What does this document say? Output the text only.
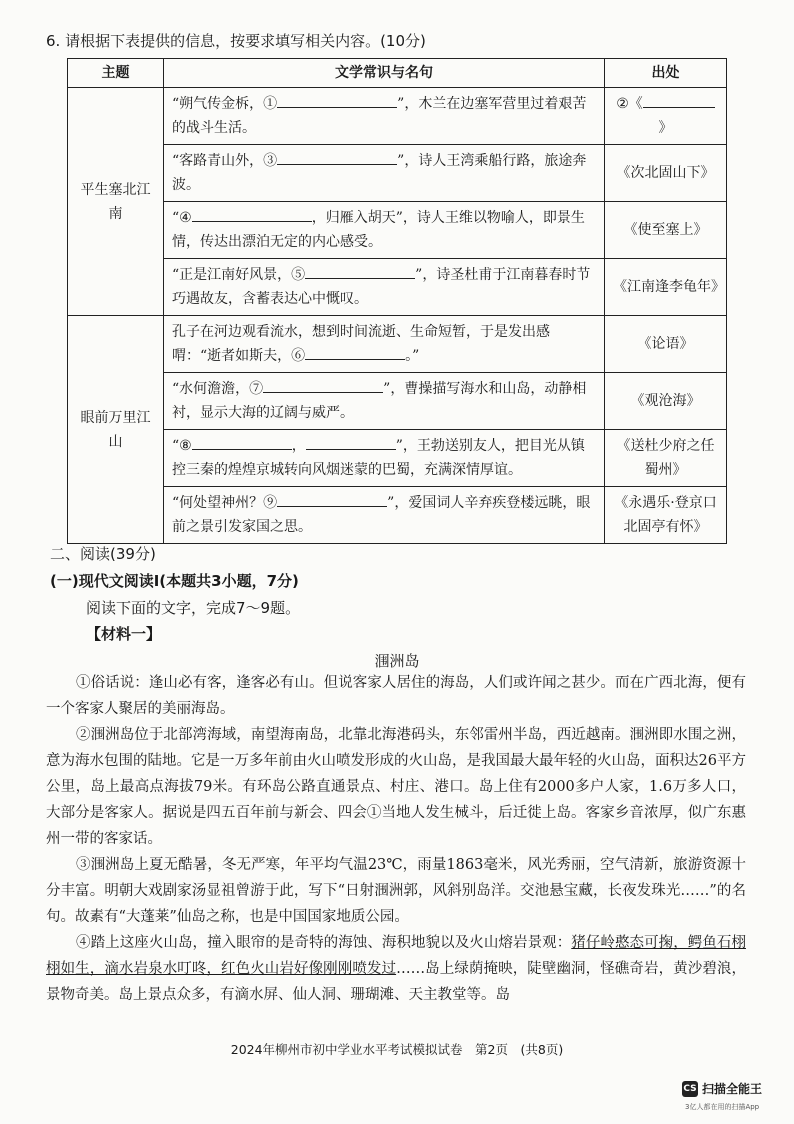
6. 请根据下表提供的信息，按要求填写相关内容。(10分)
主题	文学常识与名句	出处
平生塞北江南	“朔气传金柝，① ”，木兰在边塞军营里过着艰苦的战斗生活。	②《》
	“客路青山外，③ ”，诗人王湾乘船行路，旅途奔波。	《次北固山下》
	“④ ，归雁入胡天”，诗人王维以物喻人，即景生情，传达出漂泊无定的内心感受。	《使至塞上》
	“正是江南好风景，⑤ ”，诗圣杜甫于江南暮春时节巧遇故友，含蓄表达心中慨叹。	《江南逢李龟年》
眼前万里江山	孔子在河边观看流水，想到时间流逝、生命短暂，于是发出感喟：“逝者如斯夫，⑥ 。”	《论语》
	“水何澹澹，⑦ ”，曹操描写海水和山岛，动静相衬，显示大海的辽阔与威严。	《观沧海》
	“⑧ ， ”，王勃送别友人，把目光从镇控三秦的煌煌京城转向风烟迷蒙的巴蜀，充满深情厚谊。	《送杜少府之任蜀州》
	“何处望神州？⑨ ”，爱国词人辛弃疾登楼远眺，眼前之景引发家国之思。	《永遇乐·登京口北固亭有怀》
二、阅读(39分)
(一)现代文阅读Ⅰ(本题共3小题，7分)
阅读下面的文字，完成7～9题。
【材料一】
涠洲岛
①俗话说：逢山必有客，逢客必有山。但说客家人居住的海岛，人们或许闻之甚少。而在广西北海，便有一个客家人聚居的美丽海岛。
②涠洲岛位于北部湾海域，南望海南岛，北靠北海港码头，东邻雷州半岛，西近越南。涠洲即水围之洲，意为海水包围的陆地。它是一万多年前由火山喷发形成的火山岛，是我国最大最年轻的火山岛，面积达26平方公里，岛上最高点海拔79米。有环岛公路直通景点、村庄、港口。岛上住有2000多户人家，1.6万多人口，大部分是客家人。据说是四五百年前与新会、四会①当地人发生械斗，后迁徙上岛。客家乡音浓厚，似广东惠州一带的客家话。
③涠洲岛上夏无酷暑，冬无严寒，年平均气温23℃，雨量1863毫米，风光秀丽，空气清新，旅游资源十分丰富。明朝大戏剧家汤显祖曾游于此，写下“日射涠洲郭，风斜别岛洋。交池悬宝藏，长夜发珠光……”的名句。故素有“大蓬莱”仙岛之称，也是中国国家地质公园。
④踏上这座火山岛，撞入眼帘的是奇特的海蚀、海积地貌以及火山熔岩景观：猪仔岭憨态可掬，鳄鱼石栩栩如生，滴水岩泉水叮咚，红色火山岩好像刚刚喷发过……岛上绿荫掩映，陡壁幽洞，怪礁奇岩，黄沙碧浪，景物奇美。岛上景点众多，有滴水屏、仙人洞、珊瑚滩、天主教堂等。岛
2024年柳州市初中学业水平考试模拟试卷　第2页　(共8页)
CS 扫描全能王
3亿人都在用的扫描App
